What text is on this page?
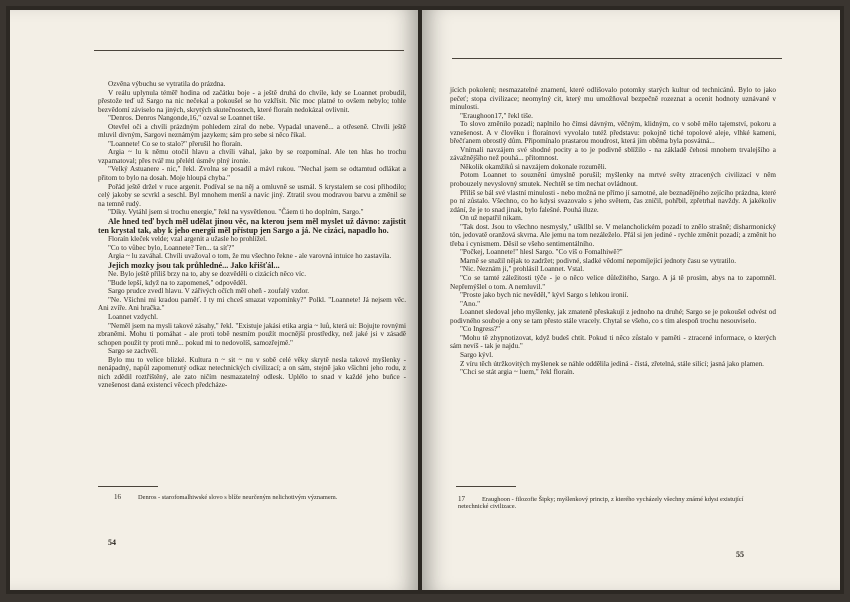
Ozvěna výbuchu se vytratila do prázdna.

V reálu uplynula téměř hodina od začátku boje - a ještě druhá do chvíle, kdy se Loannet probudil, přestože teď už Sargo na nic nečekal a pokoušel se ho vzkřísit. Nic moc platné to ovšem nebylo; tohle bezvědomí záviselo na jiných, skrytých skutečnostech, které floraín nedokázal ovlivnit.

"Denros. Denros Nangonde,16," ozval se Loannet tiše.

Otevřel oči a chvíli prázdným pohledem zíral do nebe. Vypadal unaveně... a otřeseně. Chvíli ještě mluvil divným, Sargovi neznámým jazykem; sám pro sebe si něco říkal.

"Loannete! Co se to stalo?" přerušil ho floraín.

Argia ~ lu k němu otočil hlavu a chvíli váhal, jako by se rozpomínal. Ale ten hlas ho trochu vzpamatoval; přes tvář mu přelétl úsměv plný ironie.

"Velký Astuanere - nic," řekl. Zvolna se posadil a mávl rukou. "Nechal jsem se odtamtud odlákat a přitom to bylo na dosah. Moje hloupá chyba."

Pořád ještě držel v ruce argenit. Podíval se na něj a omluvně se usmál. S krystalem se cosi přihodilo; celý jakoby se scvrkl a seschl. Byl mnohem menší a navíc jiný. Ztratil svou modravou barvu a změnil se na temně rudý.

"Díky. Vytáhl jsem si trochu energie," řekl na vysvětlenou. "Čáem ti ho doplním, Sargo."

Ale hned teď bych měl udělat jinou věc, na kterou jsem měl myslet už dávno: zajistit ten krystal tak, aby k jeho energii měl přístup jen Sargo a já. Ne cizáci, napadlo ho.

Floraín kleček velde; vzal argenit a užasle ho prohlížel.

"Co to vůbec bylo, Loannete? Ten... ta síť?"

Argia ~ lu zaváhal. Chvíli uvažoval o tom, že mu všechno řekne - ale varovná intuice ho zastavila.

Jejich mozky jsou tak průhledné... Jako křišťál...

Ne. Bylo ještě příliš brzy na to, aby se dozvěděli o cizácích něco víc.

"Bude lepší, když na to zapomeneš," odpověděl.

Sargo prudce zvedl hlavu. V zářivých očích měl oheň - zoufalý vzdor.

"Ne. Všichni mi kradou paměť. I ty mi chceš smazat vzpomínky?" Polkl. "Loannete! Já nejsem věc. Ani zvíře. Ani hračka."

Loannet vzdychl.

"Neměl jsem na mysli takové zásahy," řekl. "Existuje jakási etika argia ~ luů, která ui: Bojujte rovnými zbraněmi. Mohu ti pomáhat - ale proti tobě nesmím použít mocnější prostředky, než jaké jsi v zásadě schopen použít ty proti mně... pokud mi to nedovolíš, samozřejmě."

Sargo se zachvěl.

Bylo mu to velice blízké. Kultura n ~ sit ~ nu v sobě celé věky skrytě nesla takové myšlenky - nenápadný, napůl zapomenutý odkaz netechnických civilizací; a on sám, stejně jako všichni jeho rodu, z nich zdědil roztříštěný, ale zato ničím nesmazatelný odlesk. Uplélo to snad v každé jeho buňce - vznešenost daná existencí věcech předcháze-

16	Denros - starofomalhiwské slovo s blíže neurčeným nelichotivým významem.
54

jících pokolení; nesmazatelné znamení, které odlišovalo potomky starých kultur od technicánů. Bylo to jako pečeť; stopa civilizace; neomylný cit, který mu umožňoval bezpečně rozeznat a ocenit hodnoty uznávané v minulosti.

"Eraughoon17," řekl tiše.

To slovo změnilo pozadí; naplnilo ho čímsi dávným, věčným, klidným, co v sobě mělo tajemství, pokoru a vznešenost. A v člověku i floraínovi vyvolalo tutéž představu: pokojně tiché topolové aleje, vlhké kameni, břečťanem obrostlý dům. Připomínalo prastarou moudrost, která jim oběma byla posvátná...

Vnímali navzájem své shodné pocity a to je podivně sblížilo - na základě čehosi mnohem trvalejšího a závažnějšího než pouhá... přítomnost.

Několik okamžiků si navzájem dokonale rozuměli.

Potom Loannet to souznění úmyslně porušil; myšlenky na mrtvé světy ztracených civilizací v něm probouzely nevyslovný smutek. Nechtěl se tím nechat ovládnout.

Příliš se bál své vlastní minulosti - nebo možná ne přímo jí samotné, ale beznadějného zejícího prázdna, které po ní zůstalo. Všechno, co ho kdysi svazovalo s jeho světem, čas zničil, pohřbil, zpřetrhal navždy. A jakékoliv zdání, že je to snad jinak, bylo falešné. Pouhá iluze.

On už nepatřil nikam.

"Tak dost. Jsou to všechno nesmysly," uškllbl se. V melancholickém pozadí to znělo strašně; disharmonický tón, jedovatě oranžová skvrna. Ale jemu na tom nezáleželo. Přál si jen jediné - rychle změnit pozadí; a změnit ho třeba i cynismem. Děsil se všeho sentimentálního.

"Počkej, Loannete!" hlesl Sargo. "Co víš o Fomalhiwě?"

Marně se snažil nějak to zadržet; podivné, sladké vědomí nepomíjející jednoty času se vytratilo.

"Nic. Neznám ji," prohlásil Loannet. Vstal.

"Co se tamté záležitosti týče - je o něco velice důležitého, Sargo. A já tě prosím, abys na to zapomněl. Nepřemýšlel o tom. A nemluvil."

"Proste jako bych nic nevěděl," kývl Sargo s lehkou ironií.

"Ano."

Loannet sledoval jeho myšlenky, jak zmateně přeskakují z jednoho na druhé; Sargo se je pokoušel odvést od podivného souboje a ony se tam přesto stále vracely. Chytal se všeho, co s tím alespoň trochu nesouviselo.

"Co Ingress?"

"Mohu tě zhypnotizovat, když budeš chtít. Pokud ti něco zůstalo v paměti - ztracené informace, o kterých sám nevíš - tak je najdu."

Sargo kývl.

Z víru těch útržkovitých myšlenek se náhle oddělila jediná - čistá, zřetelná, stále silící; jasná jako plamen.

"Chci se stát argia ~ luem," řekl floraín.

17	Eraughoon - filozofie Šipky; myšlenkový princip, z kterého vycházely všechny známé kdysi existující netechnické civilizace.
55
